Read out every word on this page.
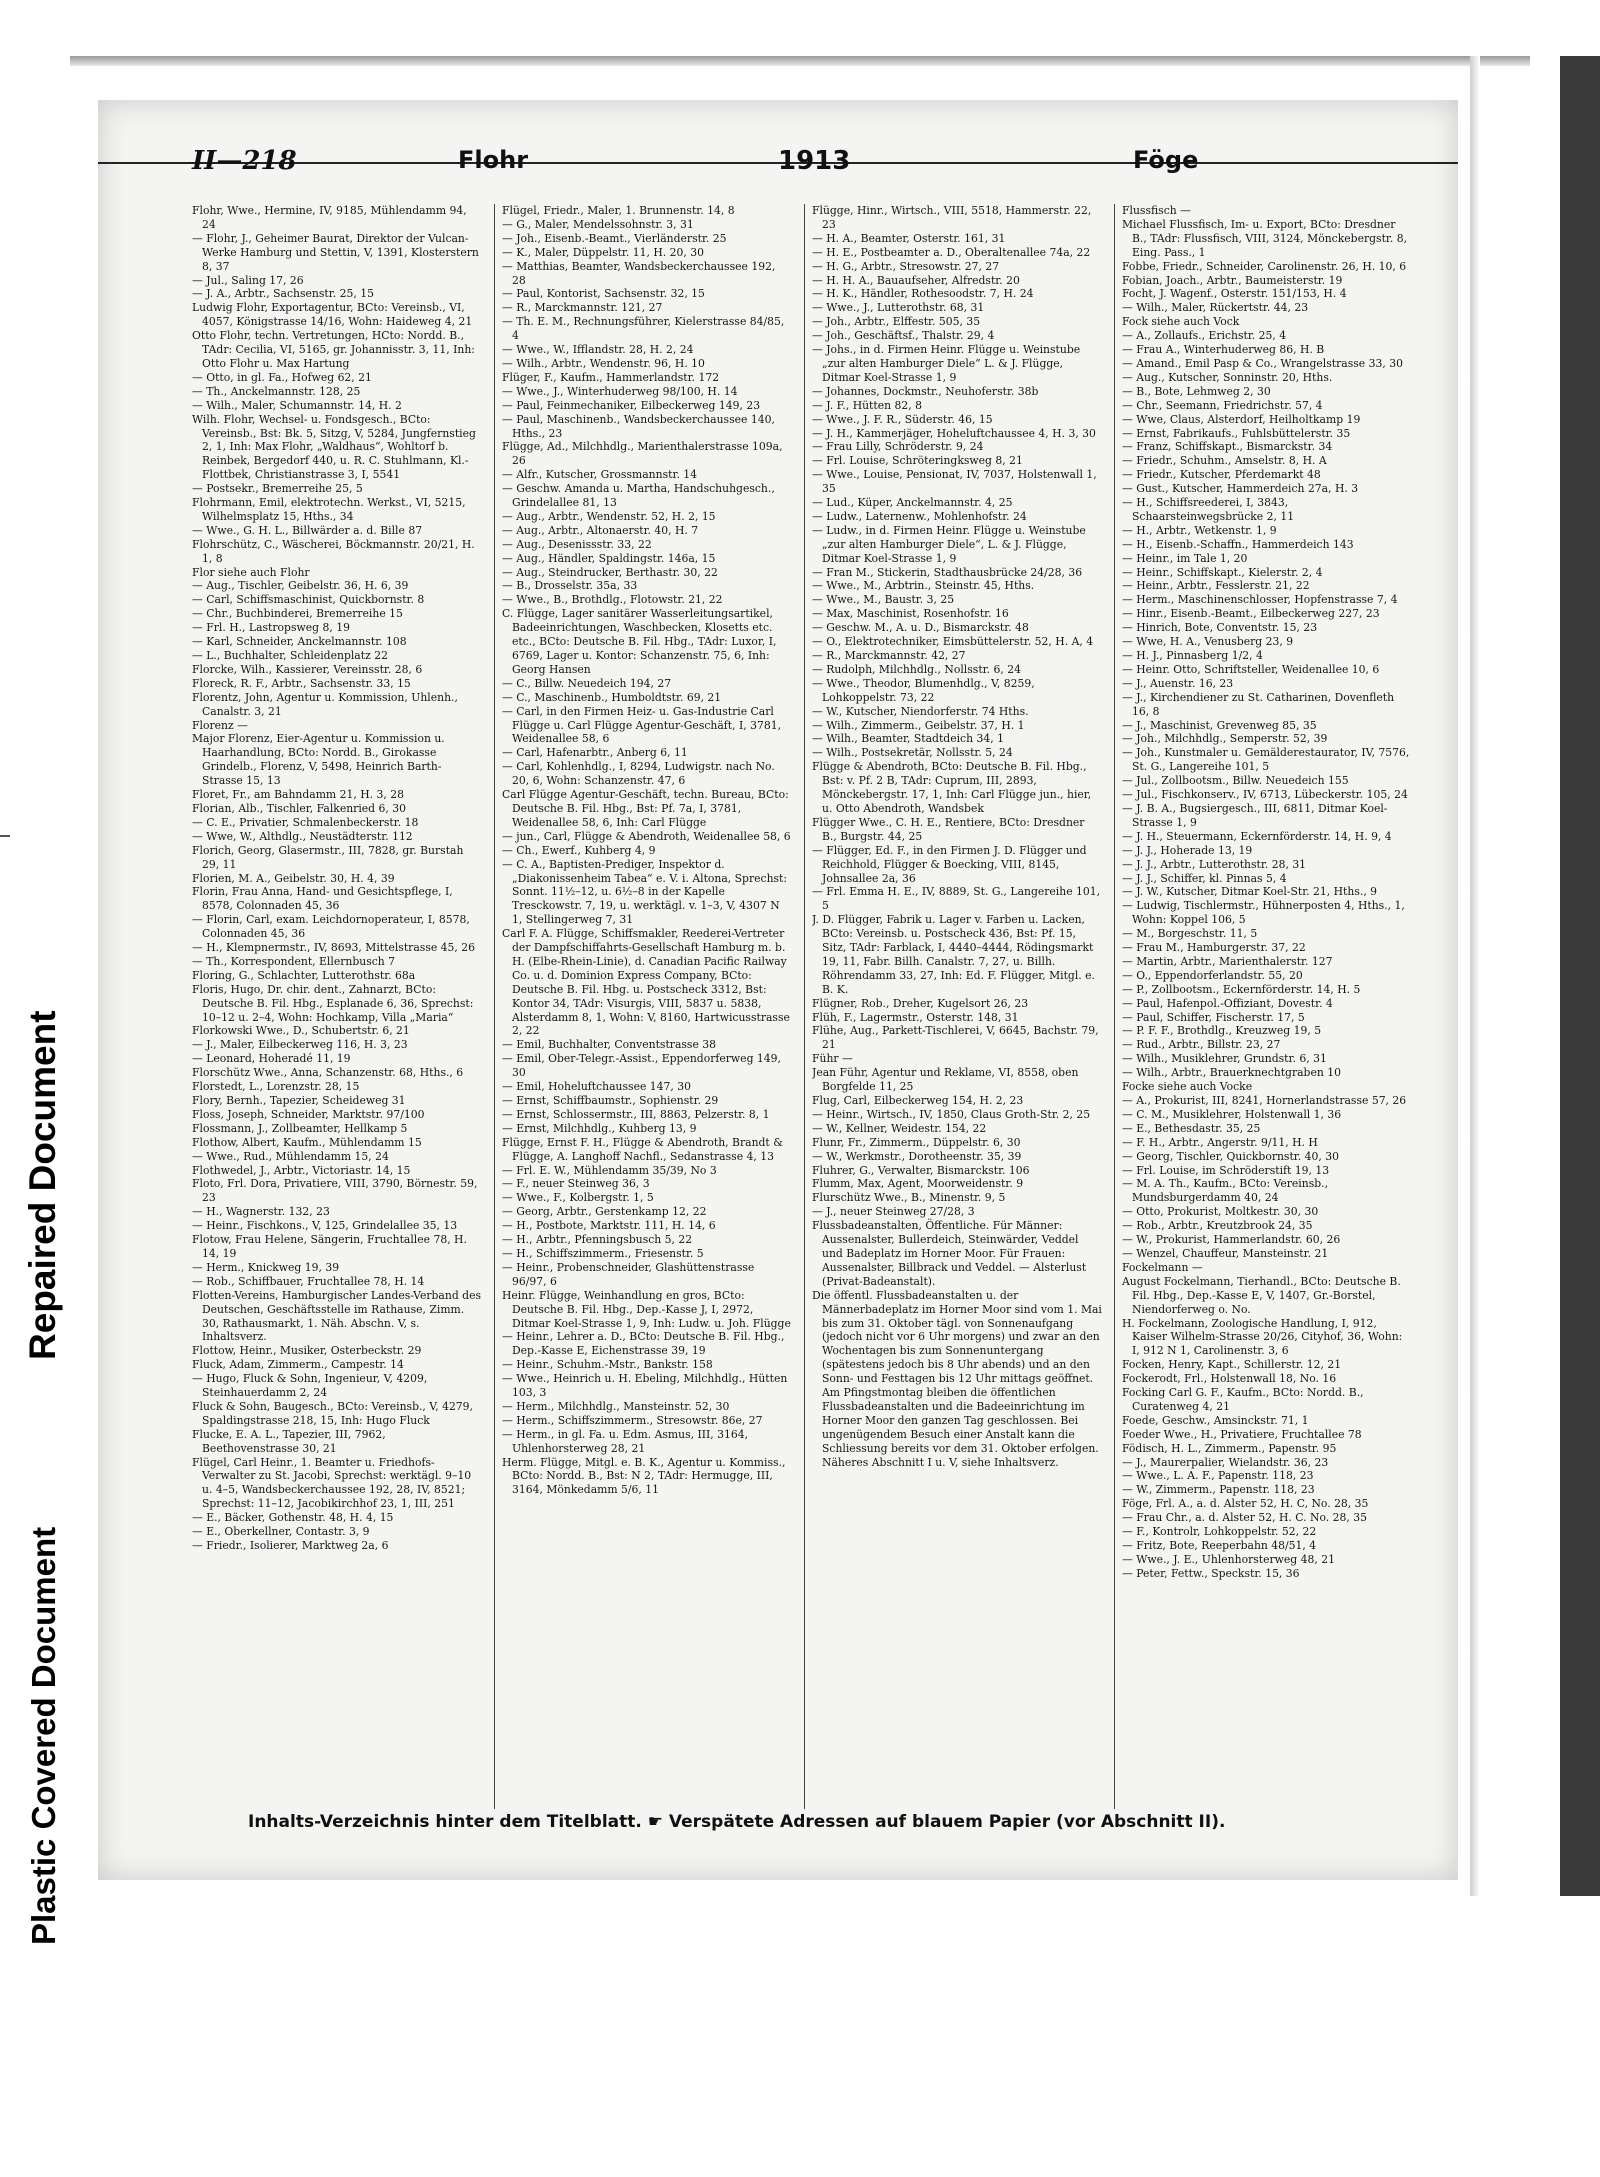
Repaired Document
Plastic Covered Document
II—218	Flohr	1913	Föge
Flohr, Wwe., Hermine, IV, 9185, Mühlendamm 94, 24
— Flohr, J., Geheimer Baurat, Direktor der Vulcan-Werke Hamburg und Stettin, V, 1391, Klosterstern 8, 37
— Jul., Saling 17, 26
— J. A., Arbtr., Sachsenstr. 25, 15
Ludwig Flohr, Exportagentur, BCto: Vereinsb., VI, 4057, Königstrasse 14/16, Wohn: Haideweg 4, 21
Otto Flohr, techn. Vertretungen, HCto: Nordd. B., TAdr: Cecilia, VI, 5165, gr. Johannisstr. 3, 11, Inh: Otto Flohr u. Max Hartung
— Otto, in gl. Fa., Hofweg 62, 21
— Th., Anckelmannstr. 128, 25
— Wilh., Maler, Schumannstr. 14, H. 2
Wilh. Flohr, Wechsel- u. Fondsgesch., BCto: Vereinsb., Bst: Bk. 5, Sitzg, V, 5284, Jungfernstieg 2, 1, Inh: Max Flohr, „Waldhaus“, Wohltorf b. Reinbek, Bergedorf 440, u. R. C. Stuhlmann, Kl.-Flottbek, Christianstrasse 3, I, 5541
— Postsekr., Bremerreihe 25, 5
Flohrmann, Emil, elektrotechn. Werkst., VI, 5215, Wilhelmsplatz 15, Hths., 34
— Wwe., G. H. L., Billwärder a. d. Bille 87
Flohrschütz, C., Wäscherei, Böckmannstr. 20/21, H. 1, 8
Flor siehe auch Flohr
— Aug., Tischler, Geibelstr. 36, H. 6, 39
— Carl, Schiffsmaschinist, Quickbornstr. 8
— Chr., Buchbinderei, Bremerreihe 15
— Frl. H., Lastropsweg 8, 19
— Karl, Schneider, Anckelmannstr. 108
— L., Buchhalter, Schleidenplatz 22
Florcke, Wilh., Kassierer, Vereinsstr. 28, 6
Floreck, R. F., Arbtr., Sachsenstr. 33, 15
Florentz, John, Agentur u. Kommission, Uhlenh., Canalstr. 3, 21
Florenz —
Major Florenz, Eier-Agentur u. Kommission u. Haarhandlung, BCto: Nordd. B., Girokasse Grindelb., Florenz, V, 5498, Heinrich Barth-Strasse 15, 13
Floret, Fr., am Bahndamm 21, H. 3, 28
Florian, Alb., Tischler, Falkenried 6, 30
— C. E., Privatier, Schmalenbeckerstr. 18
— Wwe, W., Althdlg., Neustädterstr. 112
Florich, Georg, Glasermstr., III, 7828, gr. Burstah 29, 11
Florien, M. A., Geibelstr. 30, H. 4, 39
Florin, Frau Anna, Hand- und Gesichtspflege, I, 8578, Colonnaden 45, 36
— Florin, Carl, exam. Leichdornoperateur, I, 8578, Colonnaden 45, 36
— H., Klempnermstr., IV, 8693, Mittelstrasse 45, 26
— Th., Korrespondent, Ellernbusch 7
Floring, G., Schlachter, Lutterothstr. 68a
Floris, Hugo, Dr. chir. dent., Zahnarzt, BCto: Deutsche B. Fil. Hbg., Esplanade 6, 36, Sprechst: 10–12 u. 2–4, Wohn: Hochkamp, Villa „Maria“
Florkowski Wwe., D., Schubertstr. 6, 21
— J., Maler, Eilbeckerweg 116, H. 3, 23
— Leonard, Hoheradé 11, 19
Florschütz Wwe., Anna, Schanzenstr. 68, Hths., 6
Florstedt, L., Lorenzstr. 28, 15
Flory, Bernh., Tapezier, Scheideweg 31
Floss, Joseph, Schneider, Marktstr. 97/100
Flossmann, J., Zollbeamter, Hellkamp 5
Flothow, Albert, Kaufm., Mühlendamm 15
— Wwe., Rud., Mühlendamm 15, 24
Flothwedel, J., Arbtr., Victoriastr. 14, 15
Floto, Frl. Dora, Privatiere, VIII, 3790, Börnestr. 59, 23
— H., Wagnerstr. 132, 23
— Heinr., Fischkons., V, 125, Grindelallee 35, 13
Flotow, Frau Helene, Sängerin, Fruchtallee 78, H. 14, 19
— Herm., Knickweg 19, 39
— Rob., Schiffbauer, Fruchtallee 78, H. 14
Flotten-Vereins, Hamburgischer Landes-Verband des Deutschen, Geschäftsstelle im Rathause, Zimm. 30, Rathausmarkt, 1. Näh. Abschn. V, s. Inhaltsverz.
Flottow, Heinr., Musiker, Osterbeckstr. 29
Fluck, Adam, Zimmerm., Campestr. 14
— Hugo, Fluck & Sohn, Ingenieur, V, 4209, Steinhauerdamm 2, 24
Fluck & Sohn, Baugesch., BCto: Vereinsb., V, 4279, Spaldingstrasse 218, 15, Inh: Hugo Fluck
Flucke, E. A. L., Tapezier, III, 7962, Beethovenstrasse 30, 21
Flügel, Carl Heinr., 1. Beamter u. Friedhofs-Verwalter zu St. Jacobi, Sprechst: werktägl. 9–10 u. 4–5, Wandsbeckerchaussee 192, 28, IV, 8521; Sprechst: 11–12, Jacobikirchhof 23, 1, III, 251
— E., Bäcker, Gothenstr. 48, H. 4, 15
— E., Oberkellner, Contastr. 3, 9
— Friedr., Isolierer, Marktweg 2a, 6
Flügel, Friedr., Maler, 1. Brunnenstr. 14, 8
— G., Maler, Mendelssohnstr. 3, 31
— Joh., Eisenb.-Beamt., Vierländerstr. 25
— K., Maler, Düppelstr. 11, H. 20, 30
— Matthias, Beamter, Wandsbeckerchaussee 192, 28
— Paul, Kontorist, Sachsenstr. 32, 15
— R., Marckmannstr. 121, 27
— Th. E. M., Rechnungsführer, Kielerstrasse 84/85, 4
— Wwe., W., Ifflandstr. 28, H. 2, 24
— Wilh., Arbtr., Wendenstr. 96, H. 10
Flüger, F., Kaufm., Hammerlandstr. 172
— Wwe., J., Winterhuderweg 98/100, H. 14
— Paul, Feinmechaniker, Eilbeckerweg 149, 23
— Paul, Maschinenb., Wandsbeckerchaussee 140, Hths., 23
Flügge, Ad., Milchhdlg., Marienthalerstrasse 109a, 26
— Alfr., Kutscher, Grossmannstr. 14
— Geschw. Amanda u. Martha, Handschuhgesch., Grindelallee 81, 13
— Aug., Arbtr., Wendenstr. 52, H. 2, 15
— Aug., Arbtr., Altonaerstr. 40, H. 7
— Aug., Desenissstr. 33, 22
— Aug., Händler, Spaldingstr. 146a, 15
— Aug., Steindrucker, Berthastr. 30, 22
— B., Drosselstr. 35a, 33
— Wwe., B., Brothdlg., Flotowstr. 21, 22
C. Flügge, Lager sanitärer Wasserleitungsartikel, Badeeinrichtungen, Waschbecken, Klosetts etc. etc., BCto: Deutsche B. Fil. Hbg., TAdr: Luxor, I, 6769, Lager u. Kontor: Schanzenstr. 75, 6, Inh: Georg Hansen
— C., Billw. Neuedeich 194, 27
— C., Maschinenb., Humboldtstr. 69, 21
— Carl, in den Firmen Heiz- u. Gas-Industrie Carl Flügge u. Carl Flügge Agentur-Geschäft, I, 3781, Weidenallee 58, 6
— Carl, Hafenarbtr., Anberg 6, 11
— Carl, Kohlenhdlg., I, 8294, Ludwigstr. nach No. 20, 6, Wohn: Schanzenstr. 47, 6
Carl Flügge Agentur-Geschäft, techn. Bureau, BCto: Deutsche B. Fil. Hbg., Bst: Pf. 7a, I, 3781, Weidenallee 58, 6, Inh: Carl Flügge
— jun., Carl, Flügge & Abendroth, Weidenallee 58, 6
— Ch., Ewerf., Kuhberg 4, 9
— C. A., Baptisten-Prediger, Inspektor d. „Diakonissenheim Tabea“ e. V. i. Altona, Sprechst: Sonnt. 11½–12, u. 6½–8 in der Kapelle Tresckowstr. 7, 19, u. werktägl. v. 1–3, V, 4307 N 1, Stellingerweg 7, 31
Carl F. A. Flügge, Schiffsmakler, Reederei-Vertreter der Dampfschiffahrts-Gesellschaft Hamburg m. b. H. (Elbe-Rhein-Linie), d. Canadian Pacific Railway Co. u. d. Dominion Express Company, BCto: Deutsche B. Fil. Hbg. u. Postscheck 3312, Bst: Kontor 34, TAdr: Visurgis, VIII, 5837 u. 5838, Alsterdamm 8, 1, Wohn: V, 8160, Hartwicusstrasse 2, 22
— Emil, Buchhalter, Conventstrasse 38
— Emil, Ober-Telegr.-Assist., Eppendorferweg 149, 30
— Emil, Hoheluftchaussee 147, 30
— Ernst, Schiffbaumstr., Sophienstr. 29
— Ernst, Schlossermstr., III, 8863, Pelzerstr. 8, 1
— Ernst, Milchhdlg., Kuhberg 13, 9
Flügge, Ernst F. H., Flügge & Abendroth, Brandt & Flügge, A. Langhoff Nachfl., Sedanstrasse 4, 13
— Frl. E. W., Mühlendamm 35/39, No 3
— F., neuer Steinweg 36, 3
— Wwe., F., Kolbergstr. 1, 5
— Georg, Arbtr., Gerstenkamp 12, 22
— H., Postbote, Marktstr. 111, H. 14, 6
— H., Arbtr., Pfenningsbusch 5, 22
— H., Schiffszimmerm., Friesenstr. 5
— Heinr., Probenschneider, Glashüttenstrasse 96/97, 6
Heinr. Flügge, Weinhandlung en gros, BCto: Deutsche B. Fil. Hbg., Dep.-Kasse J, I, 2972, Ditmar Koel-Strasse 1, 9, Inh: Ludw. u. Joh. Flügge
— Heinr., Lehrer a. D., BCto: Deutsche B. Fil. Hbg., Dep.-Kasse E, Eichenstrasse 39, 19
— Heinr., Schuhm.-Mstr., Bankstr. 158
— Wwe., Heinrich u. H. Ebeling, Milchhdlg., Hütten 103, 3
— Herm., Milchhdlg., Mansteinstr. 52, 30
— Herm., Schiffszimmerm., Stresowstr. 86e, 27
— Herm., in gl. Fa. u. Edm. Asmus, III, 3164, Uhlenhorsterweg 28, 21
Herm. Flügge, Mitgl. e. B. K., Agentur u. Kommiss., BCto: Nordd. B., Bst: N 2, TAdr: Hermugge, III, 3164, Mönkedamm 5/6, 11
Flügge, Hinr., Wirtsch., VIII, 5518, Hammerstr. 22, 23
— H. A., Beamter, Osterstr. 161, 31
— H. E., Postbeamter a. D., Oberaltenallee 74a, 22
— H. G., Arbtr., Stresowstr. 27, 27
— H. H. A., Bauaufseher, Alfredstr. 20
— H. K., Händler, Rothesoodstr. 7, H. 24
— Wwe., J., Lutterothstr. 68, 31
— Joh., Arbtr., Elffestr. 505, 35
— Joh., Geschäftsf., Thalstr. 29, 4
— Johs., in d. Firmen Heinr. Flügge u. Weinstube „zur alten Hamburger Diele“ L. & J. Flügge, Ditmar Koel-Strasse 1, 9
— Johannes, Dockmstr., Neuhoferstr. 38b
— J. F., Hütten 82, 8
— Wwe., J. F. R., Süderstr. 46, 15
— J. H., Kammerjäger, Hoheluftchaussee 4, H. 3, 30
— Frau Lilly, Schröderstr. 9, 24
— Frl. Louise, Schröteringksweg 8, 21
— Wwe., Louise, Pensionat, IV, 7037, Holstenwall 1, 35
— Lud., Küper, Anckelmannstr. 4, 25
— Ludw., Laternenw., Mohlenhofstr. 24
— Ludw., in d. Firmen Heinr. Flügge u. Weinstube „zur alten Hamburger Diele“, L. & J. Flügge, Ditmar Koel-Strasse 1, 9
— Fran M., Stickerin, Stadthausbrücke 24/28, 36
— Wwe., M., Arbtrin., Steinstr. 45, Hths.
— Wwe., M., Baustr. 3, 25
— Max, Maschinist, Rosenhofstr. 16
— Geschw. M., A. u. D., Bismarckstr. 48
— O., Elektrotechniker, Eimsbüttelerstr. 52, H. A, 4
— R., Marckmannstr. 42, 27
— Rudolph, Milchhdlg., Nollsstr. 6, 24
— Wwe., Theodor, Blumenhdlg., V, 8259, Lohkoppelstr. 73, 22
— W., Kutscher, Niendorferstr. 74 Hths.
— Wilh., Zimmerm., Geibelstr. 37, H. 1
— Wilh., Beamter, Stadtdeich 34, 1
— Wilh., Postsekretär, Nollsstr. 5, 24
Flügge & Abendroth, BCto: Deutsche B. Fil. Hbg., Bst: v. Pf. 2 B, TAdr: Cuprum, III, 2893, Mönckebergstr. 17, 1, Inh: Carl Flügge jun., hier, u. Otto Abendroth, Wandsbek
Flügger Wwe., C. H. E., Rentiere, BCto: Dresdner B., Burgstr. 44, 25
— Flügger, Ed. F., in den Firmen J. D. Flügger und Reichhold, Flügger & Boecking, VIII, 8145, Johnsallee 2a, 36
— Frl. Emma H. E., IV, 8889, St. G., Langereihe 101, 5
J. D. Flügger, Fabrik u. Lager v. Farben u. Lacken, BCto: Vereinsb. u. Postscheck 436, Bst: Pf. 15, Sitz, TAdr: Farblack, I, 4440–4444, Rödingsmarkt 19, 11, Fabr. Billh. Canalstr. 7, 27, u. Billh. Röhrendamm 33, 27, Inh: Ed. F. Flügger, Mitgl. e. B. K.
Flügner, Rob., Dreher, Kugelsort 26, 23
Flüh, F., Lagermstr., Osterstr. 148, 31
Flühe, Aug., Parkett-Tischlerei, V, 6645, Bachstr. 79, 21
Führ —
Jean Führ, Agentur und Reklame, VI, 8558, oben Borgfelde 11, 25
Flug, Carl, Eilbeckerweg 154, H. 2, 23
— Heinr., Wirtsch., IV, 1850, Claus Groth-Str. 2, 25
— W., Kellner, Weidestr. 154, 22
Flunr, Fr., Zimmerm., Düppelstr. 6, 30
— W., Werkmstr., Dorotheenstr. 35, 39
Fluhrer, G., Verwalter, Bismarckstr. 106
Flumm, Max, Agent, Moorweidenstr. 9
Flurschütz Wwe., B., Minenstr. 9, 5
— J., neuer Steinweg 27/28, 3
Flussbadeanstalten, Öffentliche. Für Männer: Aussenalster, Bullerdeich, Steinwärder, Veddel und Badeplatz im Horner Moor. Für Frauen: Aussenalster, Billbrack und Veddel. — Alsterlust (Privat-Badeanstalt).
Die öffentl. Flussbadeanstalten u. der Männerbadeplatz im Horner Moor sind vom 1. Mai bis zum 31. Oktober tägl. von Sonnenaufgang (jedoch nicht vor 6 Uhr morgens) und zwar an den Wochentagen bis zum Sonnenuntergang (spätestens jedoch bis 8 Uhr abends) und an den Sonn- und Festtagen bis 12 Uhr mittags geöffnet. Am Pfingstmontag bleiben die öffentlichen Flussbadeanstalten und die Badeeinrichtung im Horner Moor den ganzen Tag geschlossen. Bei ungenügendem Besuch einer Anstalt kann die Schliessung bereits vor dem 31. Oktober erfolgen. Näheres Abschnitt I u. V, siehe Inhaltsverz.
Flussfisch —
Michael Flussfisch, Im- u. Export, BCto: Dresdner B., TAdr: Flussfisch, VIII, 3124, Mönckebergstr. 8, Eing. Pass., 1
Fobbe, Friedr., Schneider, Carolinenstr. 26, H. 10, 6
Fobian, Joach., Arbtr., Baumeisterstr. 19
Focht, J. Wagenf., Osterstr. 151/153, H. 4
— Wilh., Maler, Rückertstr. 44, 23
Fock siehe auch Vock
— A., Zollaufs., Erichstr. 25, 4
— Frau A., Winterhuderweg 86, H. B
— Amand., Emil Pasp & Co., Wrangelstrasse 33, 30
— Aug., Kutscher, Sonninstr. 20, Hths.
— B., Bote, Lehmweg 2, 30
— Chr., Seemann, Friedrichstr. 57, 4
— Wwe, Claus, Alsterdorf, Heilholtkamp 19
— Ernst, Fabrikaufs., Fuhlsbüttelerstr. 35
— Franz, Schiffskapt., Bismarckstr. 34
— Friedr., Schuhm., Amselstr. 8, H. A
— Friedr., Kutscher, Pferdemarkt 48
— Gust., Kutscher, Hammerdeich 27a, H. 3
— H., Schiffsreederei, I, 3843, Schaarsteinwegsbrücke 2, 11
— H., Arbtr., Wetkenstr. 1, 9
— H., Eisenb.-Schaffn., Hammerdeich 143
— Heinr., im Tale 1, 20
— Heinr., Schiffskapt., Kielerstr. 2, 4
— Heinr., Arbtr., Fesslerstr. 21, 22
— Herm., Maschinenschlosser, Hopfenstrasse 7, 4
— Hinr., Eisenb.-Beamt., Eilbeckerweg 227, 23
— Hinrich, Bote, Conventstr. 15, 23
— Wwe, H. A., Venusberg 23, 9
— H. J., Pinnasberg 1/2, 4
— Heinr. Otto, Schriftsteller, Weidenallee 10, 6
— J., Auenstr. 16, 23
— J., Kirchendiener zu St. Catharinen, Dovenfleth 16, 8
— J., Maschinist, Grevenweg 85, 35
— Joh., Milchhdlg., Semperstr. 52, 39
— Joh., Kunstmaler u. Gemälderestaurator, IV, 7576, St. G., Langereihe 101, 5
— Jul., Zollbootsm., Billw. Neuedeich 155
— Jul., Fischkonserv., IV, 6713, Lübeckerstr. 105, 24
— J. B. A., Bugsiergesch., III, 6811, Ditmar Koel-Strasse 1, 9
— J. H., Steuermann, Eckernförderstr. 14, H. 9, 4
— J. J., Hoherade 13, 19
— J. J., Arbtr., Lutterothstr. 28, 31
— J. J., Schiffer, kl. Pinnas 5, 4
— J. W., Kutscher, Ditmar Koel-Str. 21, Hths., 9
— Ludwig, Tischlermstr., Hühnerposten 4, Hths., 1, Wohn: Koppel 106, 5
— M., Borgeschstr. 11, 5
— Frau M., Hamburgerstr. 37, 22
— Martin, Arbtr., Marienthalerstr. 127
— O., Eppendorferlandstr. 55, 20
— P., Zollbootsm., Eckernförderstr. 14, H. 5
— Paul, Hafenpol.-Offiziant, Dovestr. 4
— Paul, Schiffer, Fischerstr. 17, 5
— P. F. F., Brothdlg., Kreuzweg 19, 5
— Rud., Arbtr., Billstr. 23, 27
— Wilh., Musiklehrer, Grundstr. 6, 31
— Wilh., Arbtr., Brauerknechtgraben 10
Focke siehe auch Vocke
— A., Prokurist, III, 8241, Hornerlandstrasse 57, 26
— C. M., Musiklehrer, Holstenwall 1, 36
— E., Bethesdastr. 35, 25
— F. H., Arbtr., Angerstr. 9/11, H. H
— Georg, Tischler, Quickbornstr. 40, 30
— Frl. Louise, im Schröderstift 19, 13
— M. A. Th., Kaufm., BCto: Vereinsb., Mundsburgerdamm 40, 24
— Otto, Prokurist, Moltkestr. 30, 30
— Rob., Arbtr., Kreutzbrook 24, 35
— W., Prokurist, Hammerlandstr. 60, 26
— Wenzel, Chauffeur, Mansteinstr. 21
Fockelmann —
August Fockelmann, Tierhandl., BCto: Deutsche B. Fil. Hbg., Dep.-Kasse E, V, 1407, Gr.-Borstel, Niendorferweg o. No.
H. Fockelmann, Zoologische Handlung, I, 912, Kaiser Wilhelm-Strasse 20/26, Cityhof, 36, Wohn: I, 912 N 1, Carolinenstr. 3, 6
Focken, Henry, Kapt., Schillerstr. 12, 21
Fockerodt, Frl., Holstenwall 18, No. 16
Focking Carl G. F., Kaufm., BCto: Nordd. B., Curatenweg 4, 21
Foede, Geschw., Amsinckstr. 71, 1
Foeder Wwe., H., Privatiere, Fruchtallee 78
Födisch, H. L., Zimmerm., Papenstr. 95
— J., Maurerpalier, Wielandstr. 36, 23
— Wwe., L. A. F., Papenstr. 118, 23
— W., Zimmerm., Papenstr. 118, 23
Föge, Frl. A., a. d. Alster 52, H. C, No. 28, 35
— Frau Chr., a. d. Alster 52, H. C. No. 28, 35
— F., Kontrolr, Lohkoppelstr. 52, 22
— Fritz, Bote, Reeperbahn 48/51, 4
— Wwe., J. E., Uhlenhorsterweg 48, 21
— Peter, Fettw., Speckstr. 15, 36
Inhalts-Verzeichnis hinter dem Titelblatt. ☛ Verspätete Adressen auf blauem Papier (vor Abschnitt II).
